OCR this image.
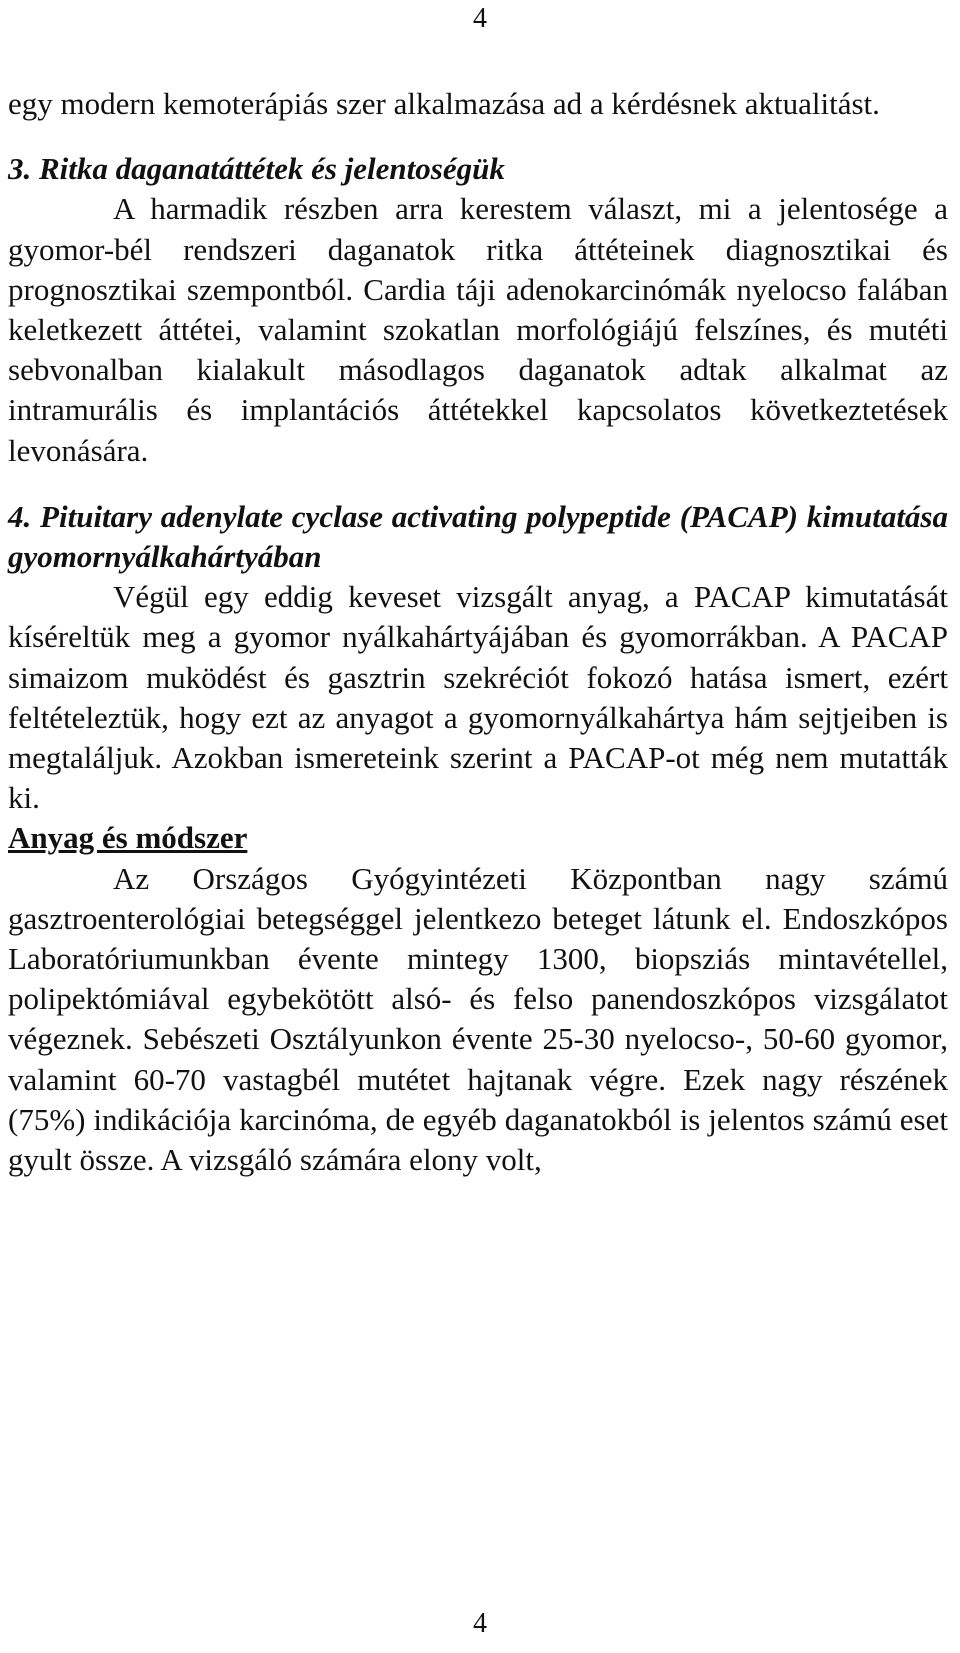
4

egy modern kemoterápiás szer alkalmazása ad a kérdésnek aktualitást.

3. Ritka daganatáttétek és jelentoségük

A harmadik részben arra kerestem választ, mi a jelentosége a gyomor-bél rendszeri daganatok ritka áttéteinek diagnosztikai és prognosztikai szempontból. Cardia táji adenokarcinómák nyelocso falában keletkezett áttétei, valamint szokatlan morfológiájú felszínes, és mutéti sebvonalban kialakult másodlagos daganatok adtak alkalmat az intramurális és implantációs áttétekkel kapcsolatos következtetések levonására.

4. Pituitary adenylate cyclase activating polypeptide (PACAP) kimutatása gyomornyálkahártyában

Végül egy eddig keveset vizsgált anyag, a PACAP kimutatását kíséreltük meg a gyomor nyálkahártyájában és gyomorrákban. A PACAP simaizom muködést és gasztrin szekréciót fokozó hatása ismert, ezért feltételeztük, hogy ezt az anyagot a gyomornyálkahártya hám sejtjeiben is megtaláljuk. Azokban ismereteink szerint a PACAP-ot még nem mutatták ki.

Anyag és módszer

Az Országos Gyógyintézeti Központban nagy számú gasztroenterológiai betegséggel jelentkezo beteget látunk el. Endoszkópos Laboratóriumunkban évente mintegy 1300, biopsziás mintavétellel, polipektómiával egybekötött alsó- és felso panendoszkópos vizsgálatot végeznek. Sebészeti Osztályunkon évente 25-30 nyelocso-, 50-60 gyomor, valamint 60-70 vastagbél mutétet hajtanak végre. Ezek nagy részének (75%) indikációja karcinóma, de egyéb daganatokból is jelentos számú eset gyult össze. A vizsgáló számára elony volt,

4
